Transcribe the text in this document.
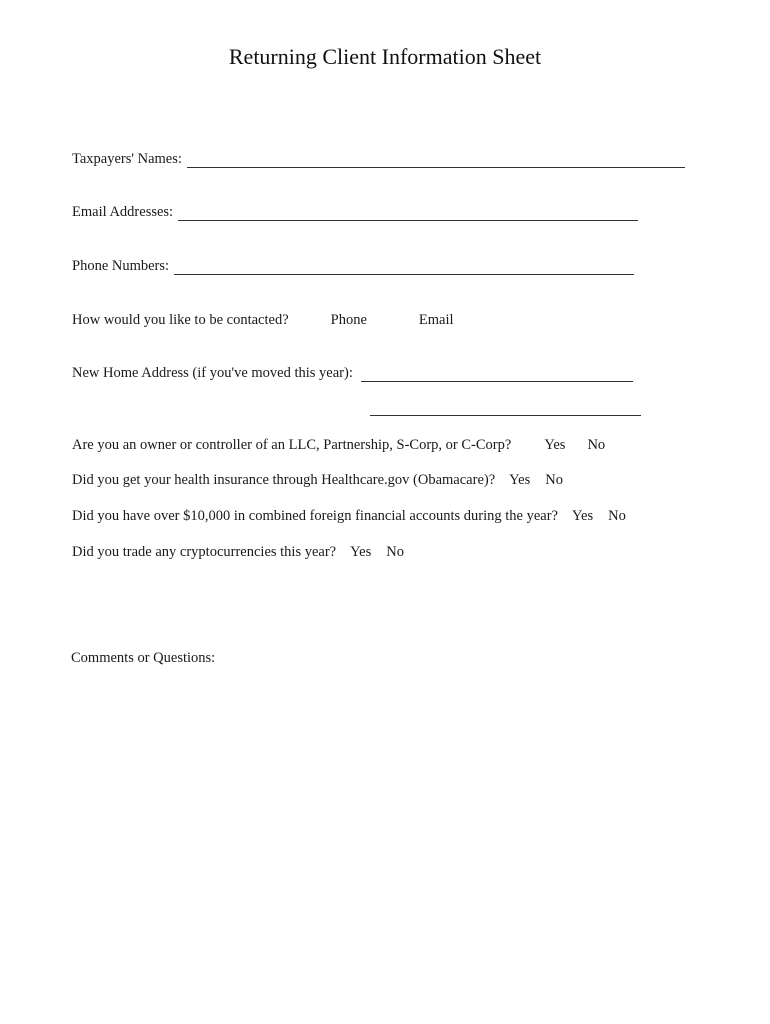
Returning Client Information Sheet
Taxpayers' Names:
Email Addresses:
Phone Numbers:
How would you like to be contacted?	Phone	Email
New Home Address (if you've moved this year):
Are you an owner or controller of an LLC, Partnership, S-Corp, or C-Corp? Yes No
Did you get your health insurance through Healthcare.gov (Obamacare)? Yes No
Did you have over $10,000 in combined foreign financial accounts during the year? Yes No
Did you trade any cryptocurrencies this year? Yes No
Comments or Questions:
